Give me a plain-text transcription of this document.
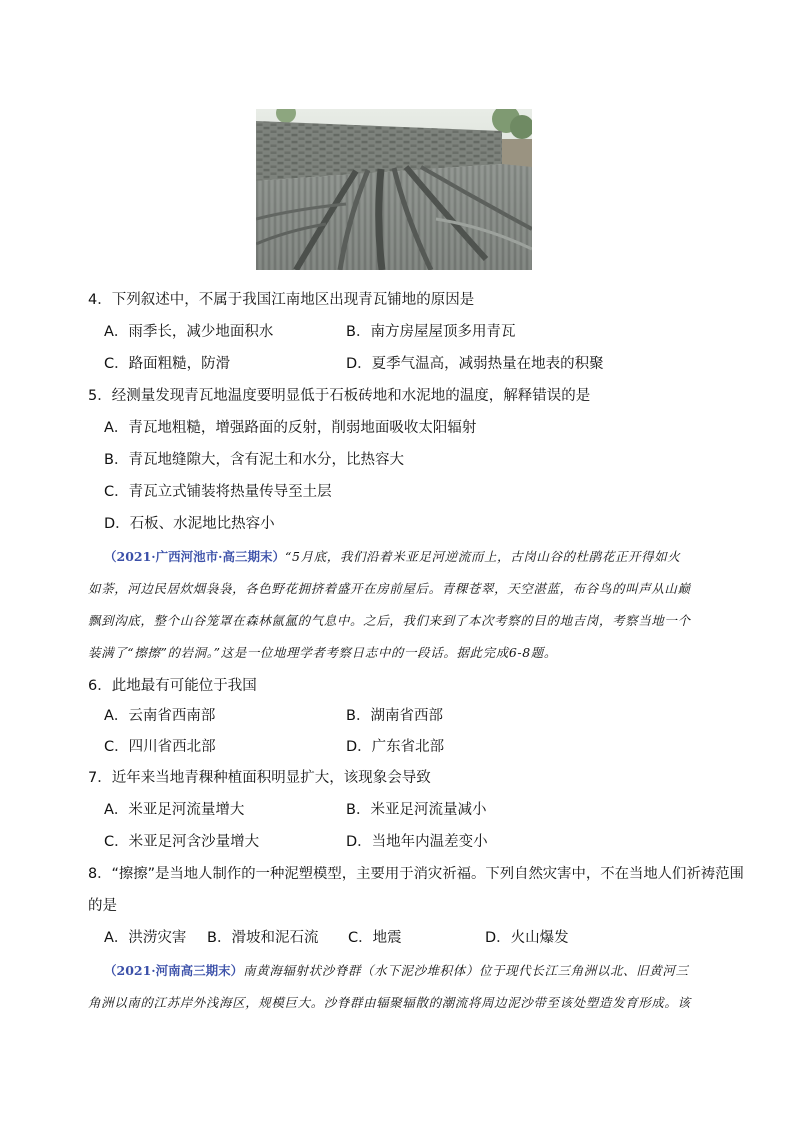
4．下列叙述中，不属于我国江南地区出现青瓦铺地的原因是
A．雨季长，减少地面积水	B．南方房屋屋顶多用青瓦
C．路面粗糙，防滑	D．夏季气温高，减弱热量在地表的积聚
5．经测量发现青瓦地温度要明显低于石板砖地和水泥地的温度，解释错误的是
A．青瓦地粗糙，增强路面的反射，削弱地面吸收太阳辐射
B．青瓦地缝隙大，含有泥土和水分，比热容大
C．青瓦立式铺装将热量传导至土层
D．石板、水泥地比热容小
（2021·广西河池市·高三期末）“5月底，我们沿着米亚足河逆流而上，古岗山谷的杜鹃花正开得如火
如荼，河边民居炊烟袅袅，各色野花拥挤着盛开在房前屋后。青稞苍翠，天空湛蓝，布谷鸟的叫声从山巅
飘到沟底，整个山谷笼罩在森林氤氲的气息中。之后，我们来到了本次考察的目的地吉岗，考察当地一个
装满了“擦擦”的岩洞。”这是一位地理学者考察日志中的一段话。据此完成6-8题。
6．此地最有可能位于我国
A．云南省西南部	B．湖南省西部
C．四川省西北部	D．广东省北部
7．近年来当地青稞种植面积明显扩大，该现象会导致
A．米亚足河流量增大	B．米亚足河流量减小
C．米亚足河含沙量增大	D．当地年内温差变小
8．“擦擦”是当地人制作的一种泥塑模型，主要用于消灾祈福。下列自然灾害中，不在当地人们祈祷范围
的是
A．洪涝灾害 B．滑坡和泥石流 C．地震	D．火山爆发
（2021·河南高三期末）南黄海辐射状沙脊群（水下泥沙堆积体）位于现代长江三角洲以北、旧黄河三
角洲以南的江苏岸外浅海区，规模巨大。沙脊群由辐聚辐散的潮流将周边泥沙带至该处塑造发育形成。该
